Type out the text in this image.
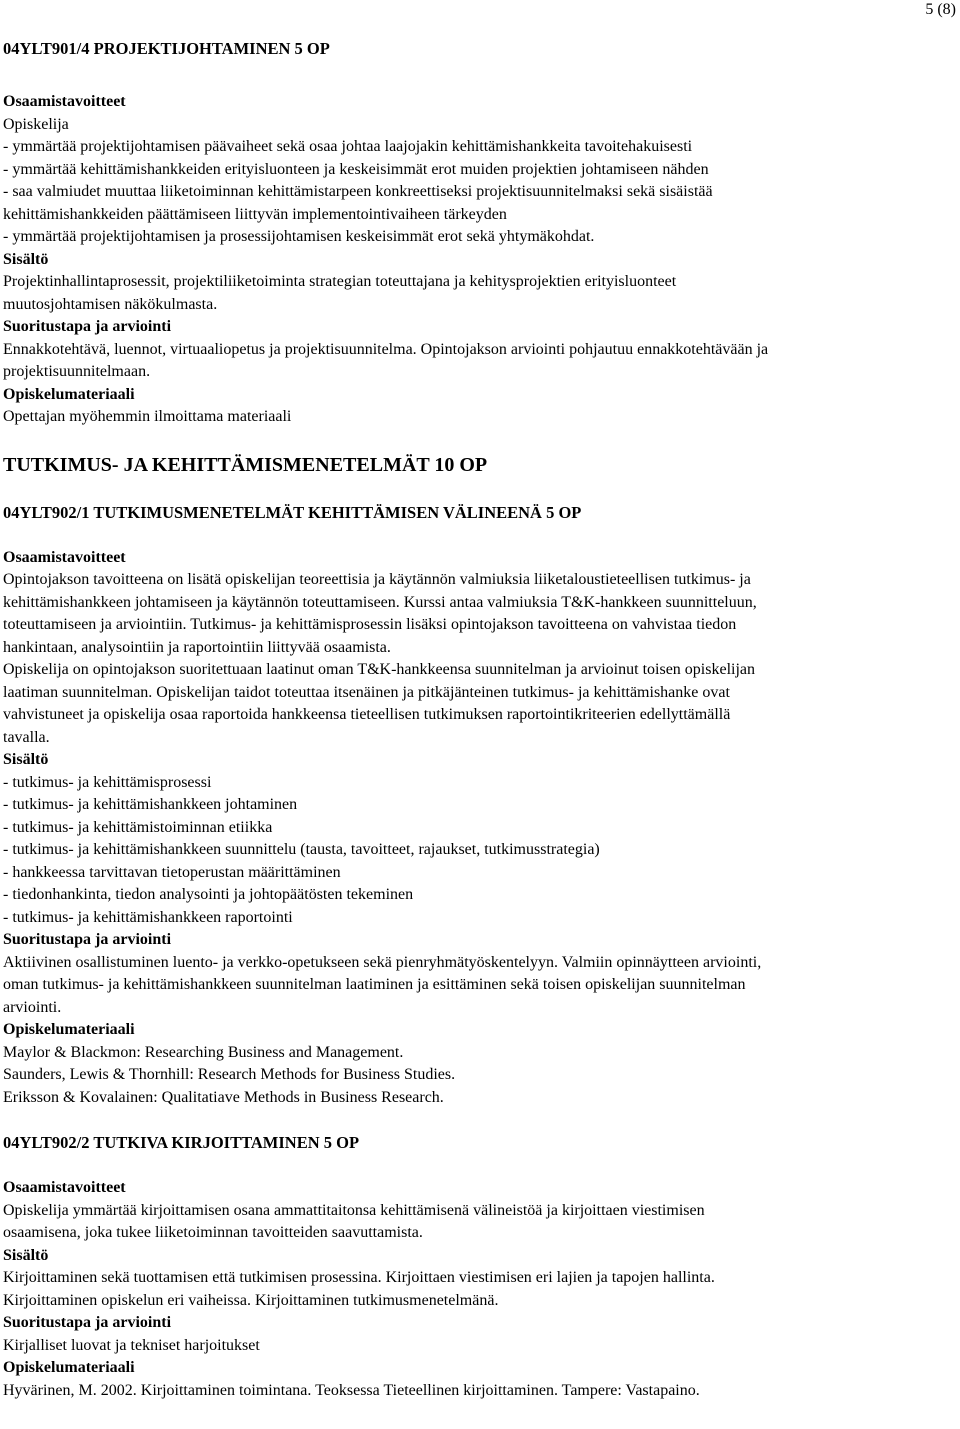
5 (8)

04YLT901/4 PROJEKTIJOHTAMINEN 5 OP

Osaamistavoitteet

Opiskelija

- ymmärtää projektijohtamisen päävaiheet sekä osaa johtaa laajojakin kehittämishankkeita tavoitehakuisesti

- ymmärtää kehittämishankkeiden erityisluonteen ja keskeisimmät erot muiden projektien johtamiseen nähden

- saa valmiudet muuttaa liiketoiminnan kehittämistarpeen konkreettiseksi projektisuunnitelmaksi sekä sisäistää

kehittämishankkeiden päättämiseen liittyvän implementointivaiheen tärkeyden

- ymmärtää projektijohtamisen ja prosessijohtamisen keskeisimmät erot sekä yhtymäkohdat.

Sisältö

Projektinhallintaprosessit, projektiliiketoiminta strategian toteuttajana ja kehitysprojektien erityisluonteet

muutosjohtamisen näkökulmasta.

Suoritustapa ja arviointi

Ennakkotehtävä, luennot, virtuaaliopetus ja projektisuunnitelma. Opintojakson arviointi pohjautuu ennakkotehtävään ja

projektisuunnitelmaan.

Opiskelumateriaali

Opettajan myöhemmin ilmoittama materiaali

TUTKIMUS- JA KEHITTÄMISMENETELMÄT 10 OP

04YLT902/1 TUTKIMUSMENETELMÄT KEHITTÄMISEN VÄLINEENÄ 5 OP

Osaamistavoitteet

Opintojakson tavoitteena on lisätä opiskelijan teoreettisia ja käytännön valmiuksia liiketaloustieteellisen tutkimus- ja

kehittämishankkeen johtamiseen ja käytännön toteuttamiseen. Kurssi antaa valmiuksia T&K-hankkeen suunnitteluun,

toteuttamiseen ja arviointiin. Tutkimus- ja kehittämisprosessin lisäksi opintojakson tavoitteena on vahvistaa tiedon

hankintaan, analysointiin ja raportointiin liittyvää osaamista.

Opiskelija on opintojakson suoritettuaan laatinut oman T&K-hankkeensa suunnitelman ja arvioinut toisen opiskelijan

laatiman suunnitelman. Opiskelijan taidot toteuttaa itsenäinen ja pitkäjänteinen tutkimus- ja kehittämishanke ovat

vahvistuneet ja opiskelija osaa raportoida hankkeensa tieteellisen tutkimuksen raportointikriteerien edellyttämällä

tavalla.

Sisältö

- tutkimus- ja kehittämisprosessi

- tutkimus- ja kehittämishankkeen johtaminen

- tutkimus- ja kehittämistoiminnan etiikka

- tutkimus- ja kehittämishankkeen suunnittelu (tausta, tavoitteet, rajaukset, tutkimusstrategia)

- hankkeessa tarvittavan tietoperustan määrittäminen

- tiedonhankinta, tiedon analysointi ja johtopäätösten tekeminen

- tutkimus- ja kehittämishankkeen raportointi

Suoritustapa ja arviointi

Aktiivinen osallistuminen luento- ja verkko-opetukseen sekä pienryhmätyöskentelyyn. Valmiin opinnäytteen arviointi,

oman tutkimus- ja kehittämishankkeen suunnitelman laatiminen ja esittäminen sekä toisen opiskelijan suunnitelman

arviointi.

Opiskelumateriaali

Maylor & Blackmon: Researching Business and Management.

Saunders, Lewis & Thornhill: Research Methods for Business Studies.

Eriksson & Kovalainen: Qualitatiave Methods in Business Research.

04YLT902/2 TUTKIVA KIRJOITTAMINEN 5 OP

Osaamistavoitteet

Opiskelija ymmärtää kirjoittamisen osana ammattitaitonsa kehittämisenä välineistöä ja kirjoittaen viestimisen

osaamisena, joka tukee liiketoiminnan tavoitteiden saavuttamista.

Sisältö

Kirjoittaminen sekä tuottamisen että tutkimisen prosessina. Kirjoittaen viestimisen eri lajien ja tapojen hallinta.

Kirjoittaminen opiskelun eri vaiheissa. Kirjoittaminen tutkimusmenetelmänä.

Suoritustapa ja arviointi

Kirjalliset luovat ja tekniset harjoitukset

Opiskelumateriaali

Hyvärinen, M. 2002. Kirjoittaminen toimintana. Teoksessa Tieteellinen kirjoittaminen. Tampere: Vastapaino.
